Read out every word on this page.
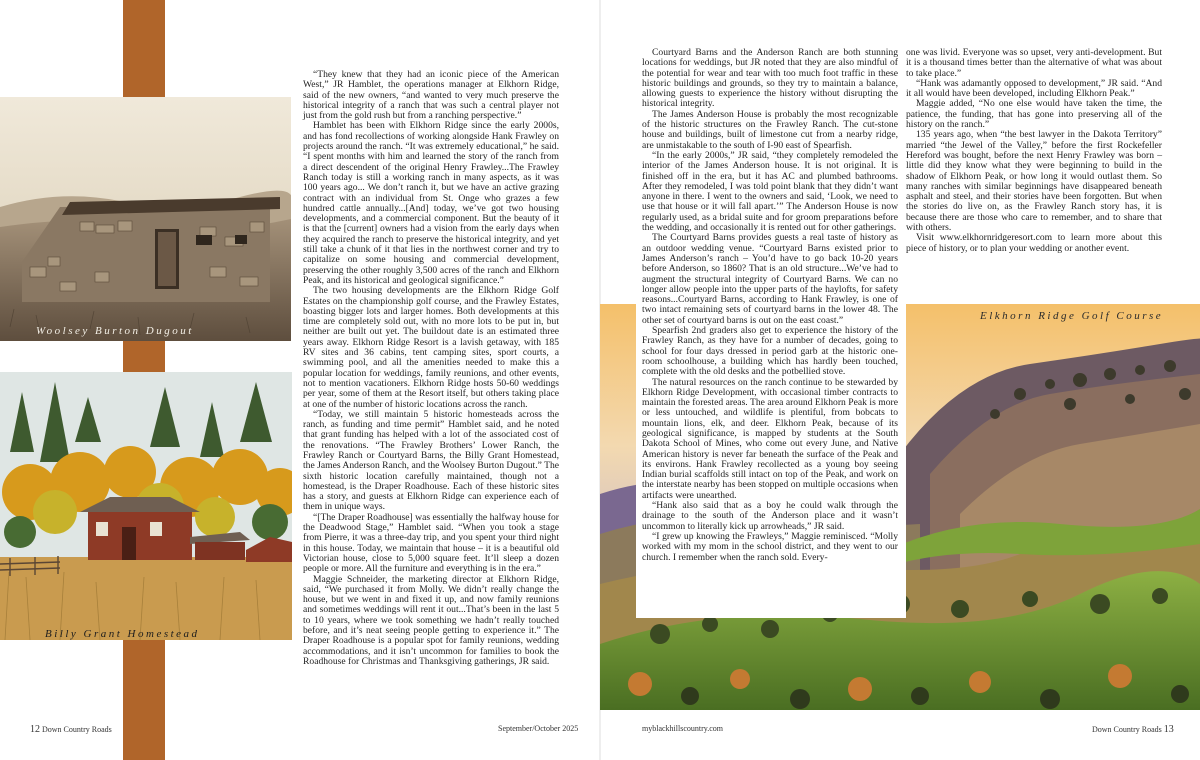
Woolsey Burton Dugout
Billy Grant Homestead
Elkhorn Ridge Golf Course

“They knew that they had an iconic piece of the American West,” JR Hamblet, the operations manager at Elkhorn Ridge, said of the new owners, “and wanted to very much preserve the historical integrity of a ranch that was such a central player not just from the gold rush but from a ranching perspective.”

Hamblet has been with Elkhorn Ridge since the early 2000s, and has fond recollections of working alongside Hank Frawley on projects around the ranch. “It was extremely educational,” he said. “I spent months with him and learned the story of the ranch from a direct descendent of the original Henry Frawley...The Frawley Ranch today is still a working ranch in many aspects, as it was 100 years ago... We don’t ranch it, but we have an active grazing contract with an individual from St. Onge who grazes a few hundred cattle annually...[And] today, we’ve got two housing developments, and a commercial component. But the beauty of it is that the [current] owners had a vision from the early days when they acquired the ranch to preserve the historical integrity, and yet still take a chunk of it that lies in the northwest corner and try to capitalize on some housing and commercial development, preserving the other roughly 3,500 acres of the ranch and Elkhorn Peak, and its historical and geological significance.”

The two housing developments are the Elkhorn Ridge Golf Estates on the championship golf course, and the Frawley Estates, boasting bigger lots and larger homes. Both developments at this time are completely sold out, with no more lots to be put in, but neither are built out yet. The buildout date is an estimated three years away. Elkhorn Ridge Resort is a lavish getaway, with 185 RV sites and 36 cabins, tent camping sites, sport courts, a swimming pool, and all the amenities needed to make this a popular location for weddings, family reunions, and other events, not to mention vacationers. Elkhorn Ridge hosts 50-60 weddings per year, some of them at the Resort itself, but others taking place at one of the number of historic locations across the ranch.

“Today, we still maintain 5 historic homesteads across the ranch, as funding and time permit” Hamblet said, and he noted that grant funding has helped with a lot of the associated cost of the renovations. “The Frawley Brothers’ Lower Ranch, the Frawley Ranch or Courtyard Barns, the Billy Grant Homestead, the James Anderson Ranch, and the Woolsey Burton Dugout.” The sixth historic location carefully maintained, though not a homestead, is the Draper Roadhouse. Each of these historic sites has a story, and guests at Elkhorn Ridge can experience each of them in unique ways.

“[The Draper Roadhouse] was essentially the halfway house for the Deadwood Stage,” Hamblet said. “When you took a stage from Pierre, it was a three-day trip, and you spent your third night in this house. Today, we maintain that house – it is a beautiful old Victorian house, close to 5,000 square feet. It’ll sleep a dozen people or more. All the furniture and everything is in the era.”

Maggie Schneider, the marketing director at Elkhorn Ridge, said, “We purchased it from Molly. We didn’t really change the house, but we went in and fixed it up, and now family reunions and sometimes weddings will rent it out...That’s been in the last 5 to 10 years, where we took something we hadn’t really touched before, and it’s neat seeing people getting to experience it.” The Draper Roadhouse is a popular spot for family reunions, wedding accommodations, and it isn’t uncommon for families to book the Roadhouse for Christmas and Thanksgiving gatherings, JR said.

Courtyard Barns and the Anderson Ranch are both stunning locations for weddings, but JR noted that they are also mindful of the potential for wear and tear with too much foot traffic in these historic buildings and grounds, so they try to maintain a balance, allowing guests to experience the history without disrupting the historical integrity.

The James Anderson House is probably the most recognizable of the historic structures on the Frawley Ranch. The cut-stone house and buildings, built of limestone cut from a nearby ridge, are unmistakable to the south of I-90 east of Spearfish.

“In the early 2000s,” JR said, “they completely remodeled the interior of the James Anderson house. It is not original. It is finished off in the era, but it has AC and plumbed bathrooms. After they remodeled, I was told point blank that they didn’t want anyone in there. I went to the owners and said, ‘Look, we need to use that house or it will fall apart.’” The Anderson House is now regularly used, as a bridal suite and for groom preparations before the wedding, and occasionally it is rented out for other gatherings.

The Courtyard Barns provides guests a real taste of history as an outdoor wedding venue. “Courtyard Barns existed prior to James Anderson’s ranch – You’d have to go back 10-20 years before Anderson, so 1860? That is an old structure...We’ve had to augment the structural integrity of Courtyard Barns. We can no longer allow people into the upper parts of the haylofts, for safety reasons...Courtyard Barns, according to Hank Frawley, is one of two intact remaining sets of courtyard barns in the lower 48. The other set of courtyard barns is out on the east coast.”

Spearfish 2nd graders also get to experience the history of the Frawley Ranch, as they have for a number of decades, going to school for four days dressed in period garb at the historic one-room schoolhouse, a building which has hardly been touched, complete with the old desks and the potbellied stove.

The natural resources on the ranch continue to be stewarded by Elkhorn Ridge Development, with occasional timber contracts to maintain the forested areas. The area around Elkhorn Peak is more or less untouched, and wildlife is plentiful, from bobcats to mountain lions, elk, and deer. Elkhorn Peak, because of its geological significance, is mapped by students at the South Dakota School of Mines, who come out every June, and Native American history is never far beneath the surface of the Peak and its environs. Hank Frawley recollected as a young boy seeing Indian burial scaffolds still intact on top of the Peak, and work on the interstate nearby has been stopped on multiple occasions when artifacts were unearthed.

“Hank also said that as a boy he could walk through the drainage to the south of the Anderson place and it wasn’t uncommon to literally kick up arrowheads,” JR said.

“I grew up knowing the Frawleys,” Maggie reminisced. “Molly worked with my mom in the school district, and they went to our church. I remember when the ranch sold. Every-

one was livid. Everyone was so upset, very anti-development. But it is a thousand times better than the alternative of what was about to take place.”

“Hank was adamantly opposed to development,” JR said. “And it all would have been developed, including Elkhorn Peak.”

Maggie added, “No one else would have taken the time, the patience, the funding, that has gone into preserving all of the history on the ranch.”

135 years ago, when “the best lawyer in the Dakota Territory” married “the Jewel of the Valley,” before the first Rockefeller Hereford was bought, before the next Henry Frawley was born – little did they know what they were beginning to build in the shadow of Elkhorn Peak, or how long it would outlast them. So many ranches with similar beginnings have disappeared beneath asphalt and steel, and their stories have been forgotten. But when the stories do live on, as the Frawley Ranch story has, it is because there are those who care to remember, and to share that with others.

Visit www.elkhornridgeresort.com to learn more about this piece of history, or to plan your wedding or another event.

12 Down Country Roads	September/October 2025	myblackhillscountry.com	Down Country Roads 13
